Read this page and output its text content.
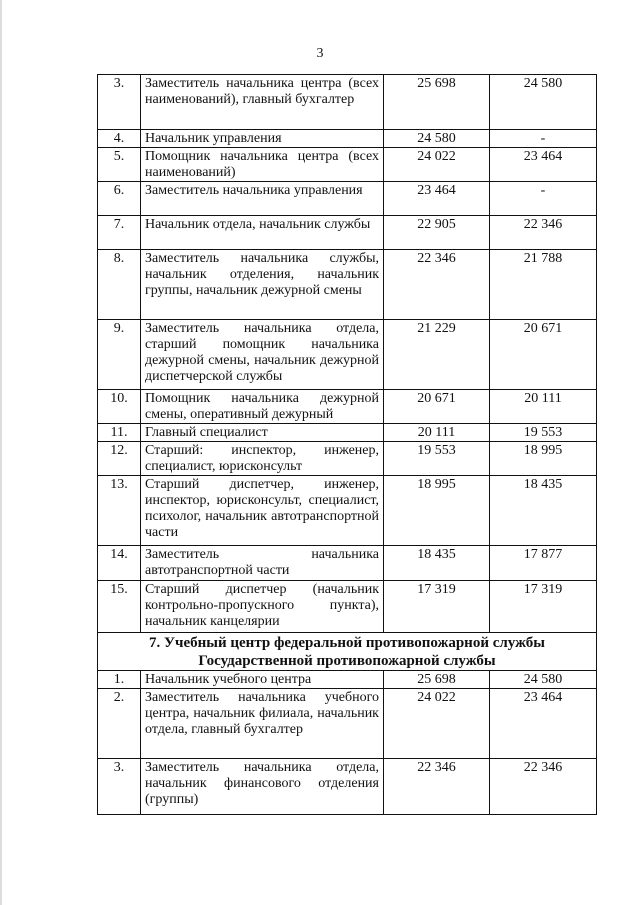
3
3.	Заместитель начальника центра (всех наименований), главный бухгалтер	25 698	24 580
4.	Начальник управления	24 580	-
5.	Помощник начальника центра (всех наименований)	24 022	23 464
6.	Заместитель начальника управления	23 464	-
7.	Начальник отдела, начальник службы	22 905	22 346
8.	Заместитель начальника службы, начальник отделения, начальник группы, начальник дежурной смены	22 346	21 788
9.	Заместитель начальника отдела, старший помощник начальника дежурной смены, начальник дежурной диспетчерской службы	21 229	20 671
10.	Помощник начальника дежурной смены, оперативный дежурный	20 671	20 111
11.	Главный специалист	20 111	19 553
12.	Старший: инспектор, инженер, специалист, юрисконсульт	19 553	18 995
13.	Старший диспетчер, инженер, инспектор, юрисконсульт, специалист, психолог, начальник автотранспортной части	18 995	18 435
14.	Заместитель начальника автотранспортной части	18 435	17 877
15.	Старший диспетчер (начальник контрольно-пропускного пункта), начальник канцелярии	17 319	17 319

7. Учебный центр федеральной противопожарной службы
Государственной противопожарной службы			

1.	Начальник учебного центра	25 698	24 580
2.	Заместитель начальника учебного центра, начальник филиала, начальник отдела, главный бухгалтер	24 022	23 464
3.	Заместитель начальника отдела, начальник финансового отделения (группы)	22 346	22 346
